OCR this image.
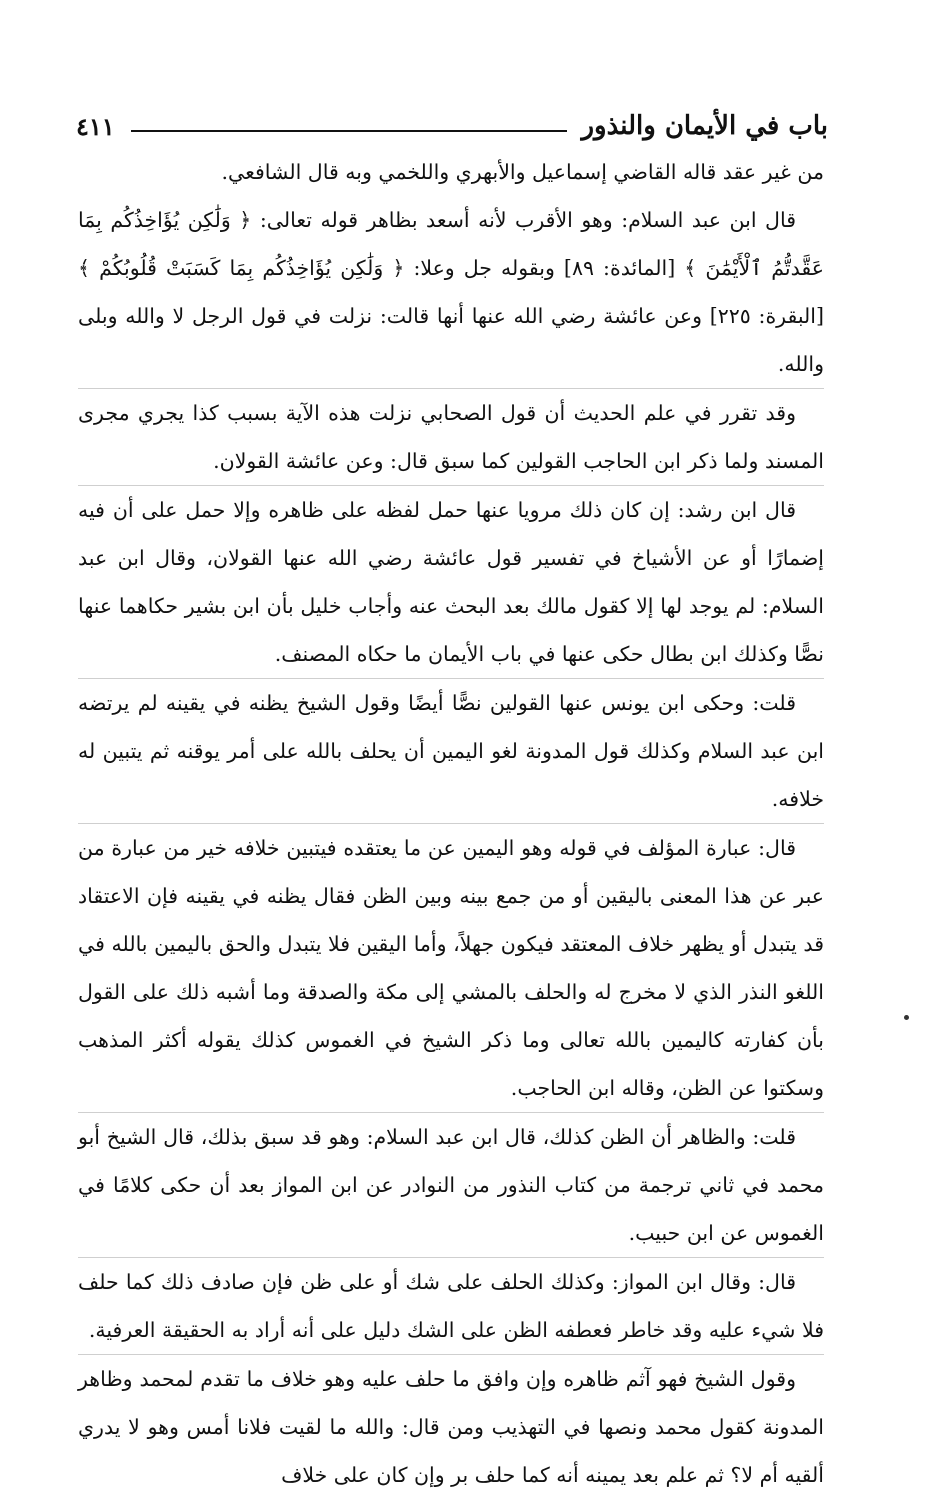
باب في الأيمان والنذور
٤١١

من غير عقد قاله القاضي إسماعيل والأبهري واللخمي وبه قال الشافعي.

قال ابن عبد السلام: وهو الأقرب لأنه أسعد بظاهر قوله تعالى: ﴿ وَلَٰكِن يُؤَاخِذُكُم بِمَا عَقَّدتُّمُ ٱلْأَيْمَٰنَ ﴾ [المائدة: ٨٩] وبقوله جل وعلا: ﴿ وَلَٰكِن يُؤَاخِذُكُم بِمَا كَسَبَتْ قُلُوبُكُمْ ﴾ [البقرة: ٢٢٥] وعن عائشة رضي الله عنها أنها قالت: نزلت في قول الرجل لا والله وبلى والله.

وقد تقرر في علم الحديث أن قول الصحابي نزلت هذه الآية بسبب كذا يجري مجرى المسند ولما ذكر ابن الحاجب القولين كما سبق قال: وعن عائشة القولان.

قال ابن رشد: إن كان ذلك مرويا عنها حمل لفظه على ظاهره وإلا حمل على أن فيه إضمارًا أو عن الأشياخ في تفسير قول عائشة رضي الله عنها القولان، وقال ابن عبد السلام: لم يوجد لها إلا كقول مالك بعد البحث عنه وأجاب خليل بأن ابن بشير حكاهما عنها نصًّا وكذلك ابن بطال حكى عنها في باب الأيمان ما حكاه المصنف.

قلت: وحكى ابن يونس عنها القولين نصًّا أيضًا وقول الشيخ يظنه في يقينه لم يرتضه ابن عبد السلام وكذلك قول المدونة لغو اليمين أن يحلف بالله على أمر يوقنه ثم يتبين له خلافه.

قال: عبارة المؤلف في قوله وهو اليمين عن ما يعتقده فيتبين خلافه خير من عبارة من عبر عن هذا المعنى باليقين أو من جمع بينه وبين الظن فقال يظنه في يقينه فإن الاعتقاد قد يتبدل أو يظهر خلاف المعتقد فيكون جهلاً، وأما اليقين فلا يتبدل والحق باليمين بالله في اللغو النذر الذي لا مخرج له والحلف بالمشي إلى مكة والصدقة وما أشبه ذلك على القول بأن كفارته كاليمين بالله تعالى وما ذكر الشيخ في الغموس كذلك يقوله أكثر المذهب وسكتوا عن الظن، وقاله ابن الحاجب.

قلت: والظاهر أن الظن كذلك، قال ابن عبد السلام: وهو قد سبق بذلك، قال الشيخ أبو محمد في ثاني ترجمة من كتاب النذور من النوادر عن ابن المواز بعد أن حكى كلامًا في الغموس عن ابن حبيب.

قال: وقال ابن المواز: وكذلك الحلف على شك أو على ظن فإن صادف ذلك كما حلف فلا شيء عليه وقد خاطر فعطفه الظن على الشك دليل على أنه أراد به الحقيقة العرفية.

وقول الشيخ فهو آثم ظاهره وإن وافق ما حلف عليه وهو خلاف ما تقدم لمحمد وظاهر المدونة كقول محمد ونصها في التهذيب ومن قال: والله ما لقيت فلانا أمس وهو لا يدري ألقيه أم لا؟ ثم علم بعد يمينه أنه كما حلف بر وإن كان على خلاف
